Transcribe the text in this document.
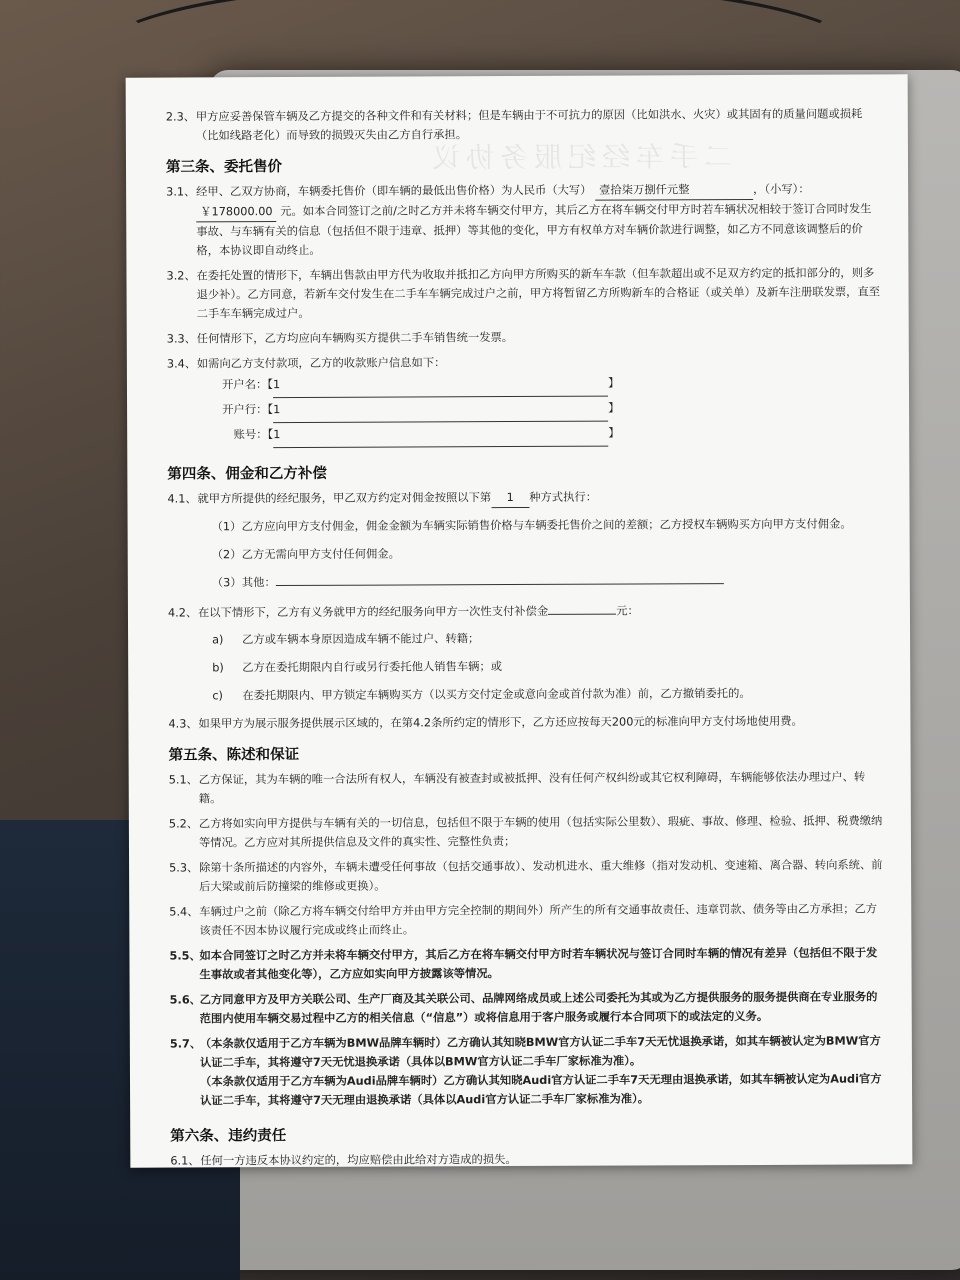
二手车经纪服务协议
2.3、 甲方应妥善保管车辆及乙方提交的各种文件和有关材料；但是车辆由于不可抗力的原因（比如洪水、火灾）或其固有的质量问题或损耗（比如线路老化）而导致的损毁灭失由乙方自行承担。
第三条、委托售价
3.1、 经甲、乙双方协商，车辆委托售价（即车辆的最低出售价格）为人民币（大写） 壹拾柒万捌仟元整	，（小写）： ￥178000.00 元。如本合同签订之前/之时乙方并未将车辆交付甲方，其后乙方在将车辆交付甲方时若车辆状况相较于签订合同时发生事故、与车辆有关的信息（包括但不限于违章、抵押）等其他的变化，甲方有权单方对车辆价款进行调整，如乙方不同意该调整后的价格，本协议即自动终止。
3.2、 在委托处置的情形下，车辆出售款由甲方代为收取并抵扣乙方向甲方所购买的新车车款（但车款超出或不足双方约定的抵扣部分的，则多退少补）。乙方同意，若新车交付发生在二手车车辆完成过户之前，甲方将暂留乙方所购新车的合格证（或关单）及新车注册联发票，直至二手车车辆完成过户。
3.3、 任何情形下，乙方均应向车辆购买方提供二手车销售统一发票。
3.4、 如需向乙方支付款项，乙方的收款账户信息如下：
开户名：【1	】
开户行：【1	】
账号：【1	】
第四条、佣金和乙方补偿
4.1、 就甲方所提供的经纪服务，甲乙双方约定对佣金按照以下第 1 种方式执行：
（1）乙方应向甲方支付佣金，佣金金额为车辆实际销售价格与车辆委托售价之间的差额；乙方授权车辆购买方向甲方支付佣金。
（2）乙方无需向甲方支付任何佣金。
（3）其他：
4.2、 在以下情形下，乙方有义务就甲方的经纪服务向甲方一次性支付补偿金	元：
a) 乙方或车辆本身原因造成车辆不能过户、转籍；
b) 乙方在委托期限内自行或另行委托他人销售车辆；或
c) 在委托期限内、甲方锁定车辆购买方（以买方交付定金或意向金或首付款为准）前，乙方撤销委托的。
4.3、 如果甲方为展示服务提供展示区域的，在第4.2条所约定的情形下，乙方还应按每天200元的标准向甲方支付场地使用费。
第五条、陈述和保证
5.1、 乙方保证，其为车辆的唯一合法所有权人，车辆没有被查封或被抵押、没有任何产权纠纷或其它权利障碍，车辆能够依法办理过户、转籍。
5.2、 乙方将如实向甲方提供与车辆有关的一切信息，包括但不限于车辆的使用（包括实际公里数）、瑕疵、事故、修理、检验、抵押、税费缴纳等情况。乙方应对其所提供信息及文件的真实性、完整性负责；
5.3、 除第十条所描述的内容外，车辆未遭受任何事故（包括交通事故）、发动机进水、重大维修（指对发动机、变速箱、离合器、转向系统、前后大梁或前后防撞梁的维修或更换）。
5.4、 车辆过户之前（除乙方将车辆交付给甲方并由甲方完全控制的期间外）所产生的所有交通事故责任、违章罚款、债务等由乙方承担；乙方该责任不因本协议履行完成或终止而终止。
5.5、
如本合同签订之时乙方并未将车辆交付甲方，其后乙方在将车辆交付甲方时若车辆状况与签订合同时车辆的情况有差异（包括但不限于发生事故或者其他变化等），乙方应如实向甲方披露该等情况。
5.6、
乙方同意甲方及甲方关联公司、生产厂商及其关联公司、品牌网络成员或上述公司委托为其或为乙方提供服务的服务提供商在专业服务的范围内使用车辆交易过程中乙方的相关信息（“信息”）或将信息用于客户服务或履行本合同项下的或法定的义务。
5.7、
（本条款仅适用于乙方车辆为BMW品牌车辆时）乙方确认其知晓BMW官方认证二手车7天无忧退换承诺，如其车辆被认定为BMW官方认证二手车，其将遵守7天无忧退换承诺（具体以BMW官方认证二手车厂家标准为准）。
（本条款仅适用于乙方车辆为Audi品牌车辆时）乙方确认其知晓Audi官方认证二手车7天无理由退换承诺，如其车辆被认定为Audi官方认证二手车，其将遵守7天无理由退换承诺（具体以Audi官方认证二手车厂家标准为准）。
第六条、违约责任
6.1、 任何一方违反本协议约定的，均应赔偿由此给对方造成的损失。
